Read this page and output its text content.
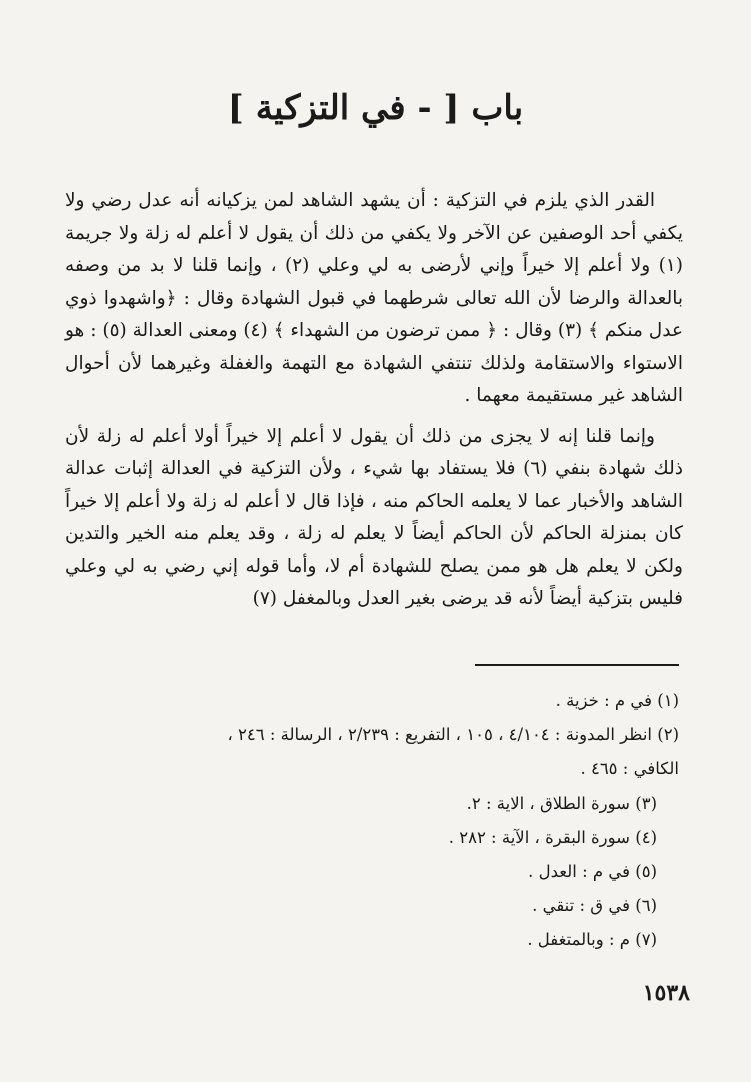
باب [ - في التزكية ]

القدر الذي يلزم في التزكية : أن يشهد الشاهد لمن يزكيانه أنه عدل رضي ولا يكفي أحد الوصفين عن الآخر ولا يكفي من ذلك أن يقول لا أعلم له زلة ولا جريمة (١) ولا أعلم إلا خيراً وإني لأرضى به لي وعلي (٢) ، وإنما قلنا لا بد من وصفه بالعدالة والرضا لأن الله تعالى شرطهما في قبول الشهادة وقال : ﴿واشهدوا ذوي عدل منكم ﴾ (٣) وقال : ﴿ ممن ترضون من الشهداء ﴾ (٤) ومعنى العدالة (٥) : هو الاستواء والاستقامة ولذلك تنتفي الشهادة مع التهمة والغفلة وغيرهما لأن أحوال الشاهد غير مستقيمة معهما .

وإنما قلنا إنه لا يجزى من ذلك أن يقول لا أعلم إلا خيراً أولا أعلم له زلة لأن ذلك شهادة بنفي (٦) فلا يستفاد بها شيء ، ولأن التزكية في العدالة إثبات عدالة الشاهد والأخبار عما لا يعلمه الحاكم منه ، فإذا قال لا أعلم له زلة ولا أعلم إلا خيراً كان بمنزلة الحاكم لأن الحاكم أيضاً لا يعلم له زلة ، وقد يعلم منه الخير والتدين ولكن لا يعلم هل هو ممن يصلح للشهادة أم لا، وأما قوله إني رضي به لي وعلي فليس بتزكية أيضاً لأنه قد يرضى بغير العدل وبالمغفل (٧)

(١) في م : خزية .
(٢) انظر المدونة : ٤/١٠٤ ، ١٠٥ ، التفريع : ٢/٢٣٩ ، الرسالة : ٢٤٦ ،
الكافي : ٤٦٥ .
(٣) سورة الطلاق ، الاية : ٢.
(٤) سورة البقرة ، الآية : ٢٨٢ .
(٥) في م : العدل .
(٦) في ق : تنقي .
(٧) م : وبالمتغفل .
١٥٣٨
